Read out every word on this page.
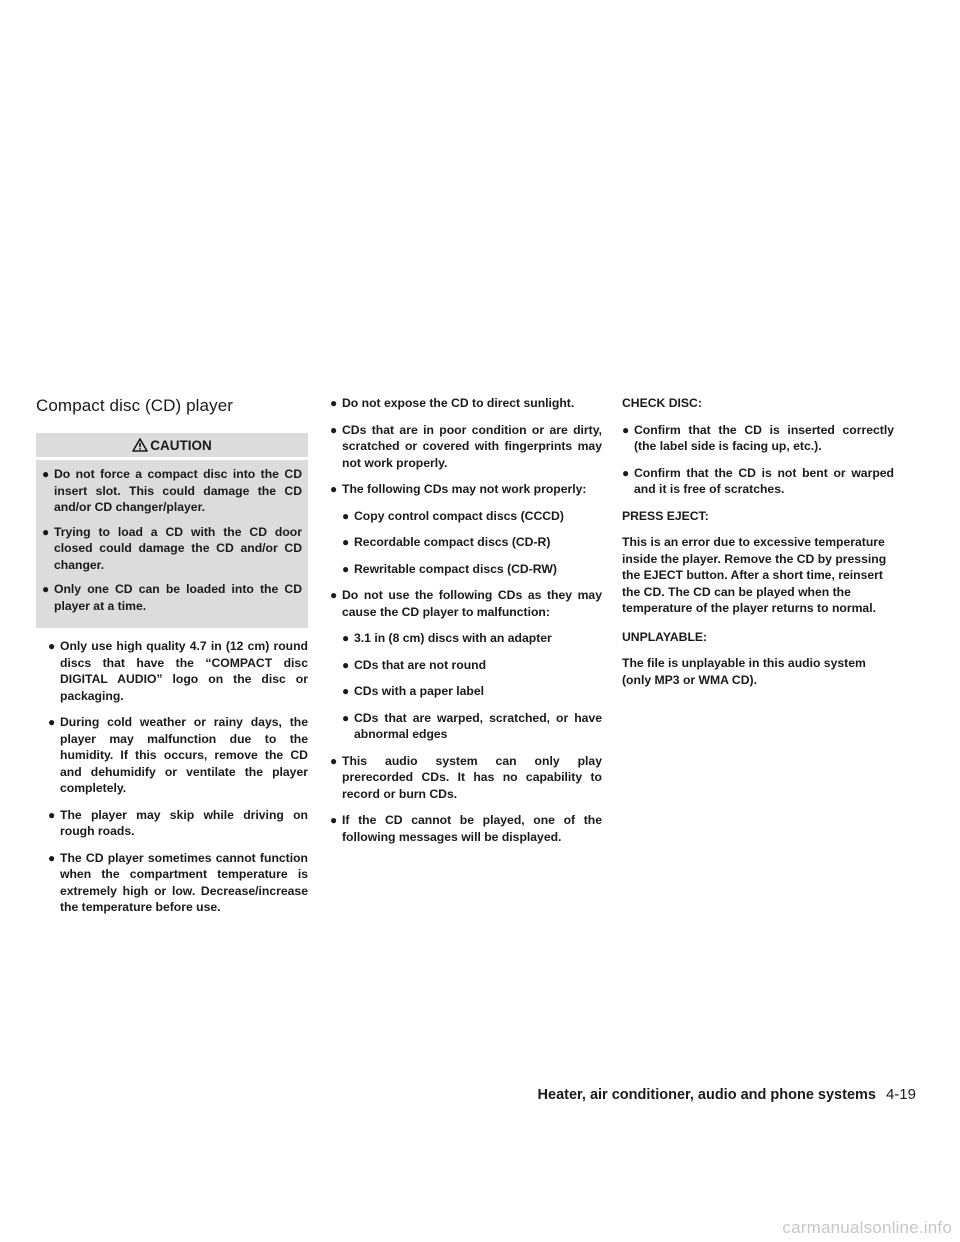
Compact disc (CD) player
CAUTION
● Do not force a compact disc into the CD insert slot. This could damage the CD and/or CD changer/player.
● Trying to load a CD with the CD door closed could damage the CD and/or CD changer.
● Only one CD can be loaded into the CD player at a time.
● Only use high quality 4.7 in (12 cm) round discs that have the “COMPACT disc DIGITAL AUDIO” logo on the disc or packaging.
● During cold weather or rainy days, the player may malfunction due to the humidity. If this occurs, remove the CD and dehumidify or ventilate the player completely.
● The player may skip while driving on rough roads.
● The CD player sometimes cannot function when the compartment temperature is extremely high or low. Decrease/increase the temperature before use.
● Do not expose the CD to direct sunlight.
● CDs that are in poor condition or are dirty, scratched or covered with fingerprints may not work properly.
● The following CDs may not work properly:
● Copy control compact discs (CCCD)
● Recordable compact discs (CD-R)
● Rewritable compact discs (CD-RW)
● Do not use the following CDs as they may cause the CD player to malfunction:
● 3.1 in (8 cm) discs with an adapter
● CDs that are not round
● CDs with a paper label
● CDs that are warped, scratched, or have abnormal edges
● This audio system can only play prerecorded CDs. It has no capability to record or burn CDs.
● If the CD cannot be played, one of the following messages will be displayed.
CHECK DISC:
● Confirm that the CD is inserted correctly (the label side is facing up, etc.).
● Confirm that the CD is not bent or warped and it is free of scratches.
PRESS EJECT:
This is an error due to excessive temperature inside the player. Remove the CD by pressing the EJECT button. After a short time, reinsert the CD. The CD can be played when the temperature of the player returns to normal.
UNPLAYABLE:
The file is unplayable in this audio system (only MP3 or WMA CD).
Heater, air conditioner, audio and phone systems 4-19
carmanualsonline.info
